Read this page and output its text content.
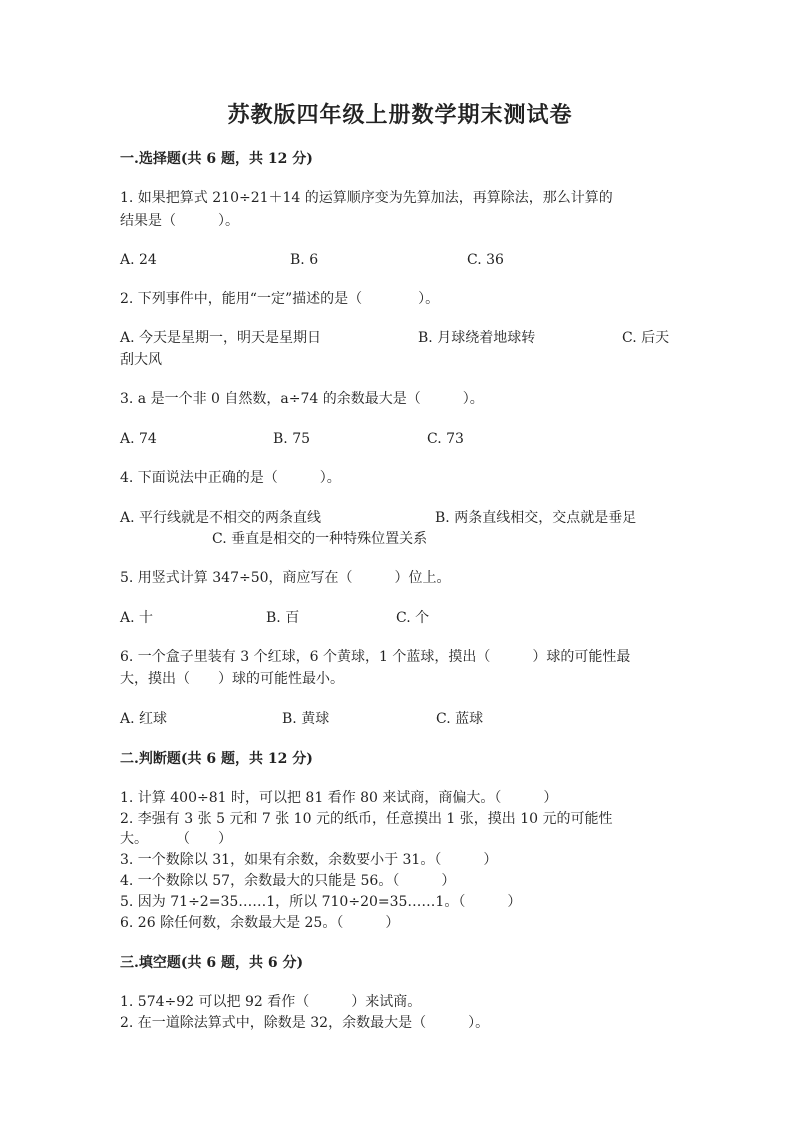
苏教版四年级上册数学期末测试卷
一.选择题(共 6 题，共 12 分)
1. 如果把算式 210÷21＋14 的运算顺序变为先算加法，再算除法，那么计算的
结果是（　　　）。
A. 24	B. 6	C. 36
2. 下列事件中，能用“一定”描述的是（　　　　）。
A. 今天是星期一，明天是星期日	B. 月球绕着地球转	C. 后天
刮大风
3. a 是一个非 0 自然数，a÷74 的余数最大是（　　　）。
A. 74	B. 75	C. 73
4. 下面说法中正确的是（　　　）。
A. 平行线就是不相交的两条直线	B. 两条直线相交，交点就是垂足
C. 垂直是相交的一种特殊位置关系
5. 用竖式计算 347÷50，商应写在（　　　）位上。
A. 十	B. 百	C. 个
6. 一个盒子里装有 3 个红球，6 个黄球，1 个蓝球，摸出（　　　）球的可能性最
大，摸出（　　）球的可能性最小。
A. 红球	B. 黄球	C. 蓝球
二.判断题(共 6 题，共 12 分)
1. 计算 400÷81 时，可以把 81 看作 80 来试商，商偏大。（　　　）
2. 李强有 3 张 5 元和 7 张 10 元的纸币，任意摸出 1 张，摸出 10 元的可能性
大。　　　（　　）
3. 一个数除以 31，如果有余数，余数要小于 31。（　　　）
4. 一个数除以 57，余数最大的只能是 56。（　　　）
5. 因为 71÷2=35……1，所以 710÷20=35……1。（　　　）
6. 26 除任何数，余数最大是 25。（　　　）
三.填空题(共 6 题，共 6 分)
1. 574÷92 可以把 92 看作（　　　）来试商。
2. 在一道除法算式中，除数是 32，余数最大是（　　　）。
